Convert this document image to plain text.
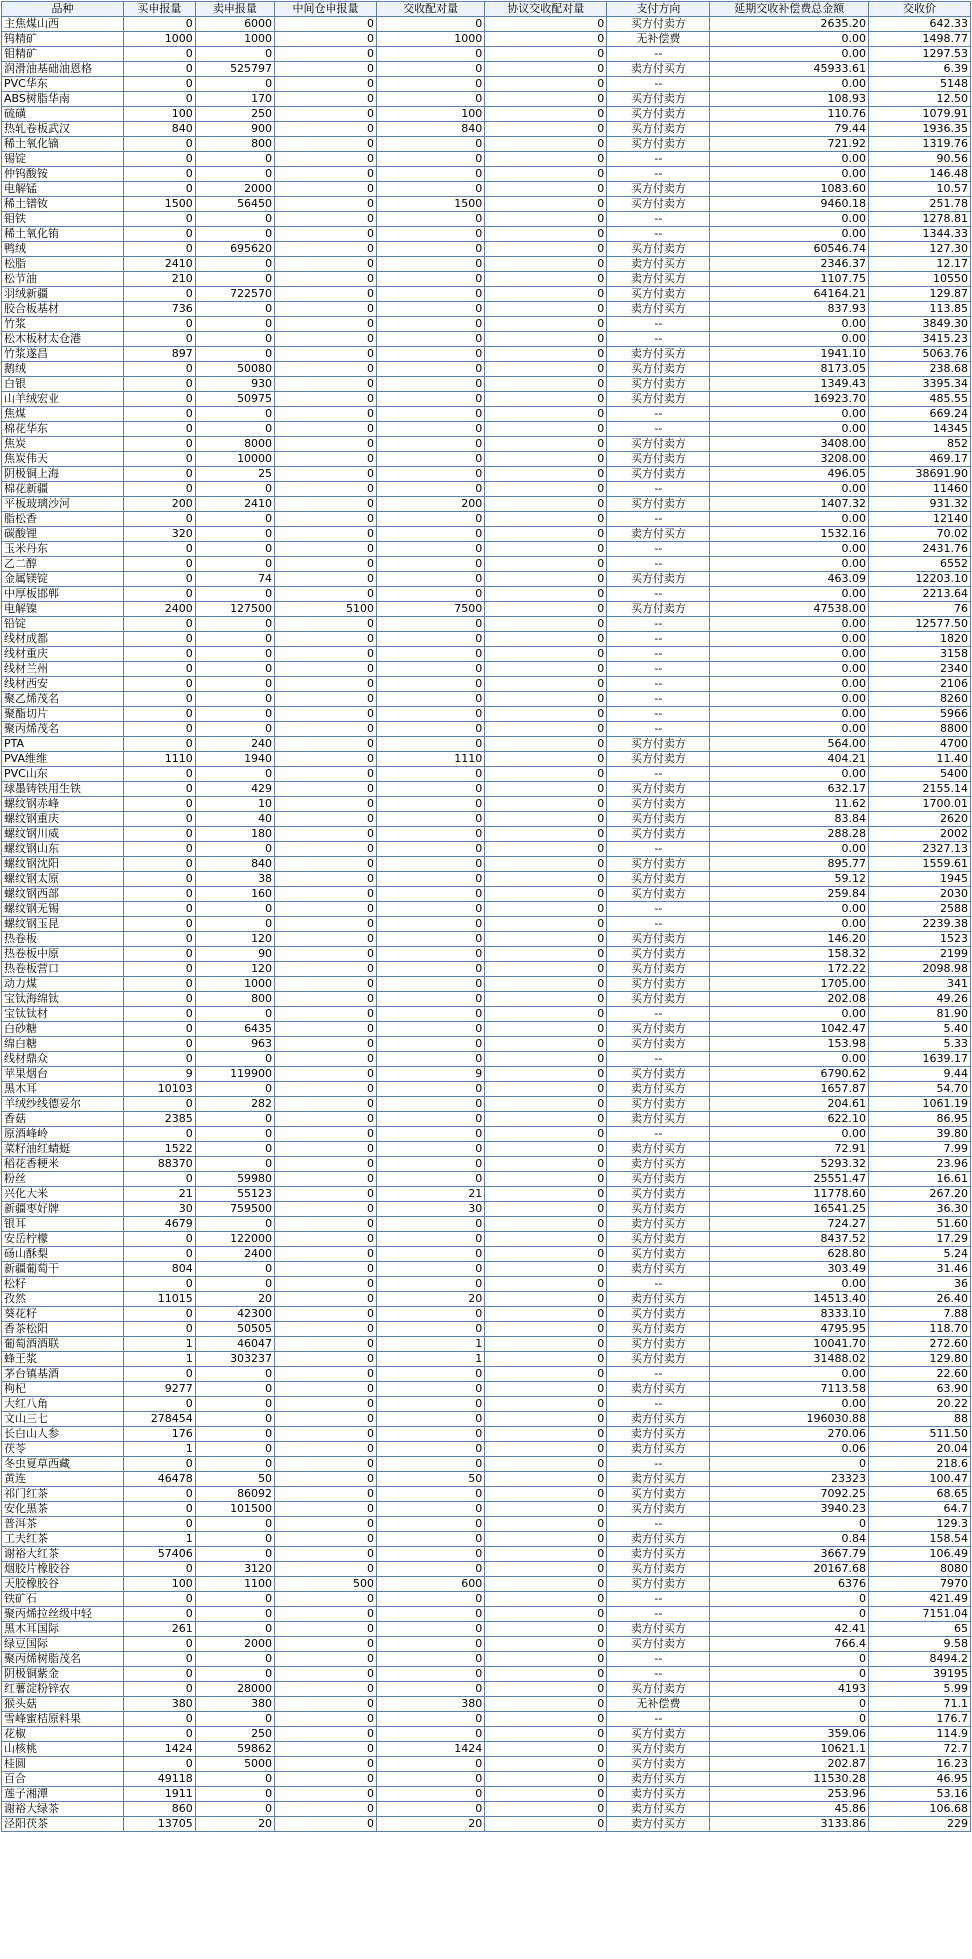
品种	买申报量	卖申报量	中间仓申报量	交收配对量	协议交收配对量	支付方向	延期交收补偿费总金额	交收价
主焦煤山西	0	6000	0	0	0	买方付卖方	2635.20	642.33
钨精矿	1000	1000	0	1000	0	无补偿费	0.00	1498.77
钼精矿	0	0	0	0	0	--	0.00	1297.53
润滑油基础油恩格	0	525797	0	0	0	卖方付买方	45933.61	6.39
PVC华东	0	0	0	0	0	--	0.00	5148
ABS树脂华南	0	170	0	0	0	买方付卖方	108.93	12.50
硫磺	100	250	0	100	0	买方付卖方	110.76	1079.91
热轧卷板武汉	840	900	0	840	0	买方付卖方	79.44	1936.35
稀土氧化镝	0	800	0	0	0	买方付卖方	721.92	1319.76
锡锭	0	0	0	0	0	--	0.00	90.56
仲钨酸铵	0	0	0	0	0	--	0.00	146.48
电解锰	0	2000	0	0	0	买方付卖方	1083.60	10.57
稀土镨钕	1500	56450	0	1500	0	买方付卖方	9460.18	251.78
钼铁	0	0	0	0	0	--	0.00	1278.81
稀土氧化铕	0	0	0	0	0	--	0.00	1344.33
鸭绒	0	695620	0	0	0	买方付卖方	60546.74	127.30
松脂	2410	0	0	0	0	卖方付买方	2346.37	12.17
松节油	210	0	0	0	0	卖方付买方	1107.75	10550
羽绒新疆	0	722570	0	0	0	买方付卖方	64164.21	129.87
胶合板基材	736	0	0	0	0	卖方付买方	837.93	113.85
竹浆	0	0	0	0	0	--	0.00	3849.30
松木板材太仓港	0	0	0	0	0	--	0.00	3415.23
竹浆遂昌	897	0	0	0	0	卖方付买方	1941.10	5063.76
鹅绒	0	50080	0	0	0	买方付卖方	8173.05	238.68
白银	0	930	0	0	0	买方付卖方	1349.43	3395.34
山羊绒宏业	0	50975	0	0	0	买方付卖方	16923.70	485.55
焦煤	0	0	0	0	0	--	0.00	669.24
棉花华东	0	0	0	0	0	--	0.00	14345
焦炭	0	8000	0	0	0	买方付卖方	3408.00	852
焦炭伟天	0	10000	0	0	0	买方付卖方	3208.00	469.17
阴极铜上海	0	25	0	0	0	买方付卖方	496.05	38691.90
棉花新疆	0	0	0	0	0	--	0.00	11460
平板玻璃沙河	200	2410	0	200	0	买方付卖方	1407.32	931.32
脂松香	0	0	0	0	0	--	0.00	12140
碳酸锂	320	0	0	0	0	卖方付买方	1532.16	70.02
玉米丹东	0	0	0	0	0	--	0.00	2431.76
乙二醇	0	0	0	0	0	--	0.00	6552
金属镁锭	0	74	0	0	0	买方付卖方	463.09	12203.10
中厚板邯郸	0	0	0	0	0	--	0.00	2213.64
电解镍	2400	127500	5100	7500	0	买方付卖方	47538.00	76
铅锭	0	0	0	0	0	--	0.00	12577.50
线材成都	0	0	0	0	0	--	0.00	1820
线材重庆	0	0	0	0	0	--	0.00	3158
线材兰州	0	0	0	0	0	--	0.00	2340
线材西安	0	0	0	0	0	--	0.00	2106
聚乙烯茂名	0	0	0	0	0	--	0.00	8260
聚酯切片	0	0	0	0	0	--	0.00	5966
聚丙烯茂名	0	0	0	0	0	--	0.00	8800
PTA	0	240	0	0	0	买方付卖方	564.00	4700
PVA维维	1110	1940	0	1110	0	买方付卖方	404.21	11.40
PVC山东	0	0	0	0	0	--	0.00	5400
球墨铸铁用生铁	0	429	0	0	0	买方付卖方	632.17	2155.14
螺纹钢赤峰	0	10	0	0	0	买方付卖方	11.62	1700.01
螺纹钢重庆	0	40	0	0	0	买方付卖方	83.84	2620
螺纹钢川威	0	180	0	0	0	买方付卖方	288.28	2002
螺纹钢山东	0	0	0	0	0	--	0.00	2327.13
螺纹钢沈阳	0	840	0	0	0	买方付卖方	895.77	1559.61
螺纹钢太原	0	38	0	0	0	买方付卖方	59.12	1945
螺纹钢西部	0	160	0	0	0	买方付卖方	259.84	2030
螺纹钢无锡	0	0	0	0	0	--	0.00	2588
螺纹钢玉昆	0	0	0	0	0	--	0.00	2239.38
热卷板	0	120	0	0	0	买方付卖方	146.20	1523
热卷板中原	0	90	0	0	0	买方付卖方	158.32	2199
热卷板营口	0	120	0	0	0	买方付卖方	172.22	2098.98
动力煤	0	1000	0	0	0	买方付卖方	1705.00	341
宝钛海绵钛	0	800	0	0	0	买方付卖方	202.08	49.26
宝钛钛材	0	0	0	0	0	--	0.00	81.90
白砂糖	0	6435	0	0	0	买方付卖方	1042.47	5.40
绵白糖	0	963	0	0	0	买方付卖方	153.98	5.33
线材鼎众	0	0	0	0	0	--	0.00	1639.17
苹果烟台	9	119900	0	9	0	买方付卖方	6790.62	9.44
黑木耳	10103	0	0	0	0	卖方付买方	1657.87	54.70
羊绒纱线德妥尔	0	282	0	0	0	买方付卖方	204.61	1061.19
香菇	2385	0	0	0	0	卖方付买方	622.10	86.95
原酒峰岭	0	0	0	0	0	--	0.00	39.80
菜籽油红蜻蜓	1522	0	0	0	0	卖方付买方	72.91	7.99
稻花香粳米	88370	0	0	0	0	卖方付买方	5293.32	23.96
粉丝	0	59980	0	0	0	买方付卖方	25551.47	16.61
兴化大米	21	55123	0	21	0	买方付卖方	11778.60	267.20
新疆枣好牌	30	759500	0	30	0	买方付卖方	16541.25	36.30
银耳	4679	0	0	0	0	卖方付买方	724.27	51.60
安岳柠檬	0	122000	0	0	0	买方付卖方	8437.52	17.29
砀山酥梨	0	2400	0	0	0	买方付卖方	628.80	5.24
新疆葡萄干	804	0	0	0	0	卖方付买方	303.49	31.46
松籽	0	0	0	0	0	--	0.00	36
孜然	11015	20	0	20	0	卖方付买方	14513.40	26.40
葵花籽	0	42300	0	0	0	买方付卖方	8333.10	7.88
香茶松阳	0	50505	0	0	0	买方付卖方	4795.95	118.70
葡萄酒酒联	1	46047	0	1	0	买方付卖方	10041.70	272.60
蜂王浆	1	303237	0	1	0	买方付卖方	31488.02	129.80
茅台镇基酒	0	0	0	0	0	--	0.00	22.60
枸杞	9277	0	0	0	0	卖方付买方	7113.58	63.90
大红八角	0	0	0	0	0	--	0.00	20.22
文山三七	278454	0	0	0	0	卖方付买方	196030.88	88
长白山人参	176	0	0	0	0	卖方付买方	270.06	511.50
茯苓	1	0	0	0	0	卖方付买方	0.06	20.04
冬虫夏草西藏	0	0	0	0	0	--	0	218.6
黄连	46478	50	0	50	0	卖方付买方	23323	100.47
祁门红茶	0	86092	0	0	0	买方付卖方	7092.25	68.65
安化黑茶	0	101500	0	0	0	买方付卖方	3940.23	64.7
普洱茶	0	0	0	0	0	--	0	129.3
工夫红茶	1	0	0	0	0	卖方付买方	0.84	158.54
谢裕大红茶	57406	0	0	0	0	卖方付买方	3667.79	106.49
烟胶片橡胶谷	0	3120	0	0	0	买方付卖方	20167.68	8080
天胶橡胶谷	100	1100	500	600	0	买方付卖方	6376	7970
铁矿石	0	0	0	0	0	--	0	421.49
聚丙烯拉丝级中轻	0	0	0	0	0	--	0	7151.04
黑木耳国际	261	0	0	0	0	卖方付买方	42.41	65
绿豆国际	0	2000	0	0	0	买方付卖方	766.4	9.58
聚丙烯树脂茂名	0	0	0	0	0	--	0	8494.2
阴极铜紫金	0	0	0	0	0	--	0	39195
红薯淀粉锌农	0	28000	0	0	0	买方付卖方	4193	5.99
猴头菇	380	380	0	380	0	无补偿费	0	71.1
雪峰蜜桔原料果	0	0	0	0	0	--	0	176.7
花椒	0	250	0	0	0	买方付卖方	359.06	114.9
山核桃	1424	59862	0	1424	0	买方付卖方	10621.1	72.7
桂圆	0	5000	0	0	0	买方付卖方	202.87	16.23
百合	49118	0	0	0	0	卖方付买方	11530.28	46.95
莲子湘潭	1911	0	0	0	0	卖方付买方	253.96	53.16
谢裕大绿茶	860	0	0	0	0	卖方付买方	45.86	106.68
泾阳茯茶	13705	20	0	20	0	卖方付买方	3133.86	229
